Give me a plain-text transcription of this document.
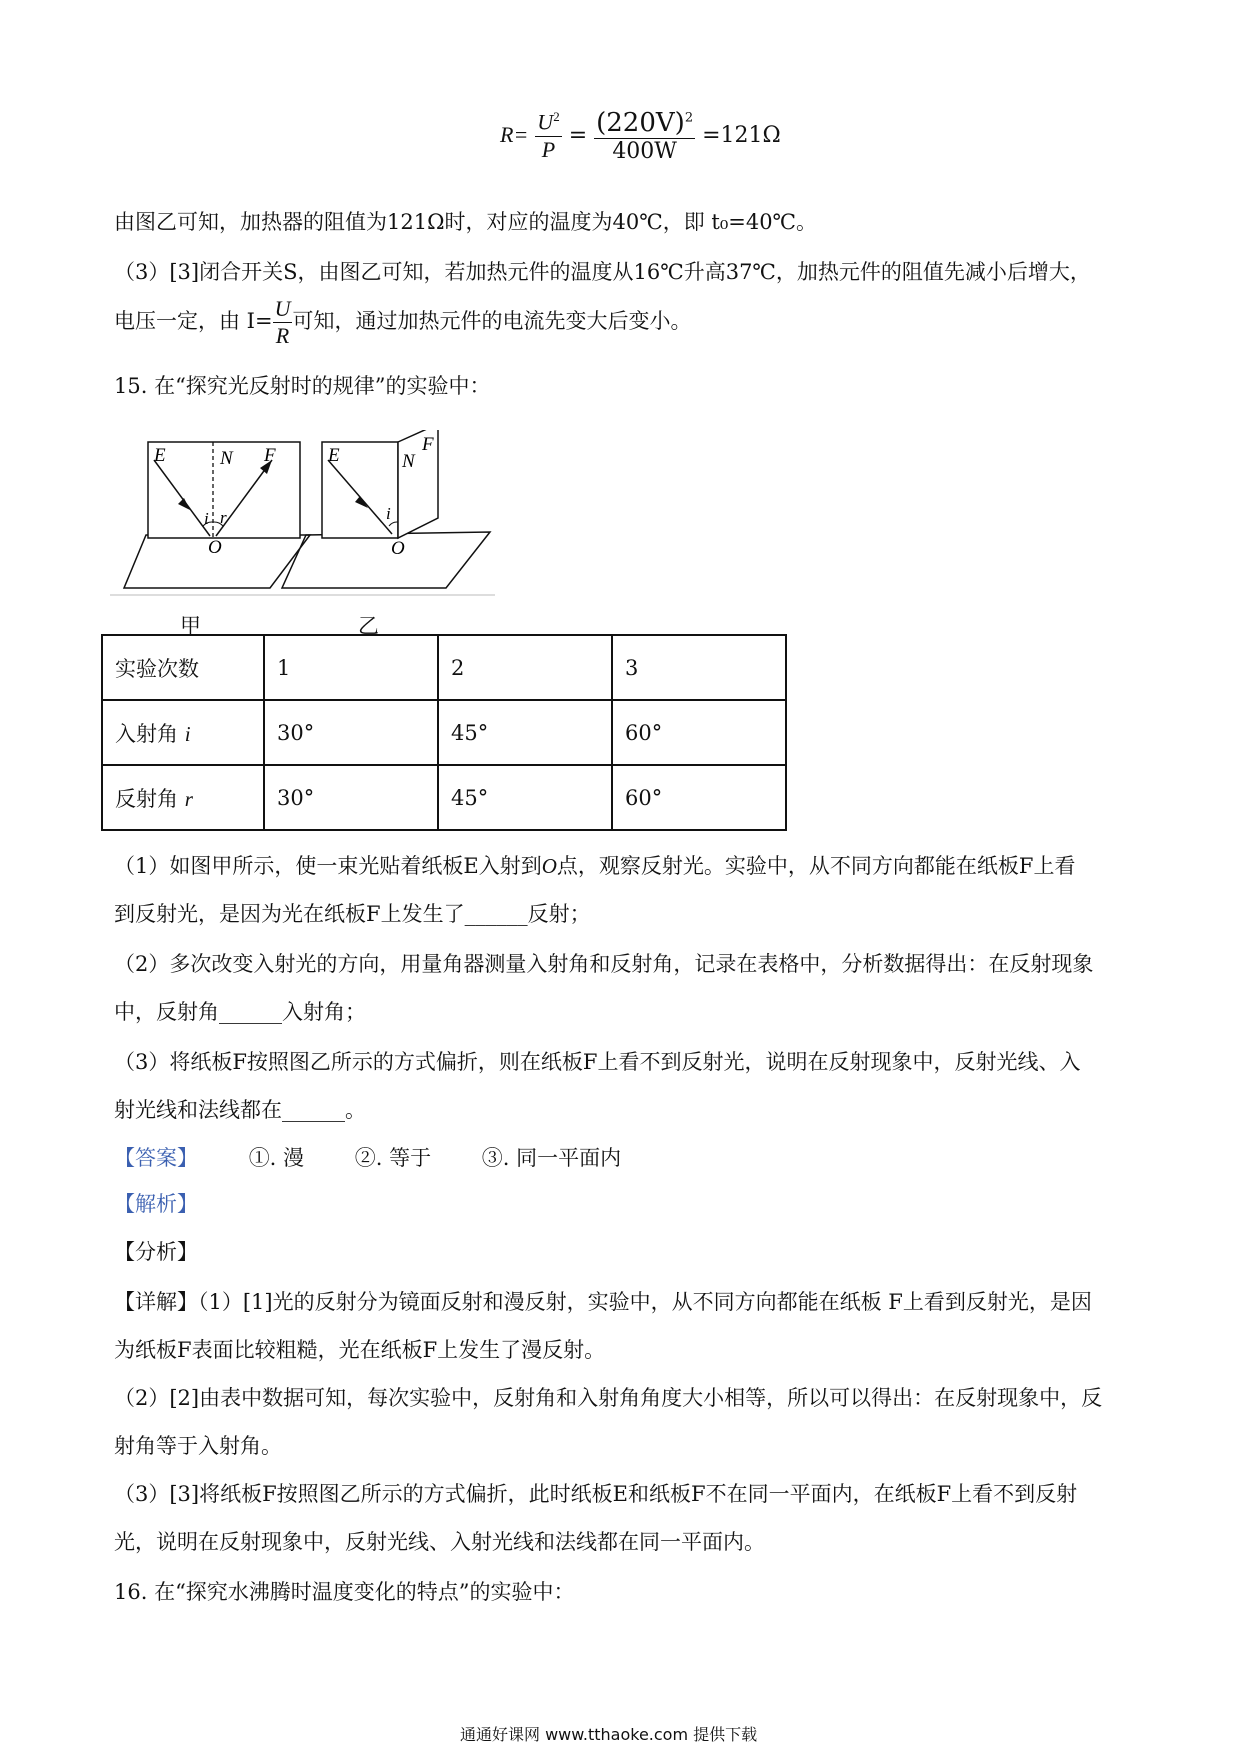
$R= \frac{U^2}{P} = \frac{(220V)^2}{400W} =121\Omega$
由图乙可知，加热器的阻值为121Ω时，对应的温度为40℃，即 t₀=40℃。
（3）[3]闭合开关S，由图乙可知，若加热元件的温度从16℃升高37℃，加热元件的阻值先减小后增大，
电压一定，由 $I= \frac{U}{R}$ 可知，通过加热元件的电流先变大后变小。
15. 在“探究光反射时的规律”的实验中：
E	N F
i r
O
E	N
F
i
O
甲	乙
实验次数	1	2	3
入射角 i	30°	45°	60°
反射角 r	30°	45°	60°
（1）如图甲所示，使一束光贴着纸板E入射到O点，观察反射光。实验中，从不同方向都能在纸板F上看
到反射光，是因为光在纸板F上发生了______反射；
（2）多次改变入射光的方向，用量角器测量入射角和反射角，记录在表格中，分析数据得出：在反射现象
中，反射角______入射角；
（3）将纸板F按照图乙所示的方式偏折，则在纸板F上看不到反射光，说明在反射现象中，反射光线、入
射光线和法线都在______。
【答案】 ①. 漫 ②. 等于 ③. 同一平面内
【解析】
【分析】
【详解】（1）[1]光的反射分为镜面反射和漫反射，实验中，从不同方向都能在纸板 F上看到反射光，是因
为纸板F表面比较粗糙，光在纸板F上发生了漫反射。
（2）[2]由表中数据可知，每次实验中，反射角和入射角角度大小相等，所以可以得出：在反射现象中，反
射角等于入射角。
（3）[3]将纸板F按照图乙所示的方式偏折，此时纸板E和纸板F不在同一平面内，在纸板F上看不到反射
光，说明在反射现象中，反射光线、入射光线和法线都在同一平面内。
16. 在“探究水沸腾时温度变化的特点”的实验中：
通通好课网 www.tthaoke.com 提供下载
